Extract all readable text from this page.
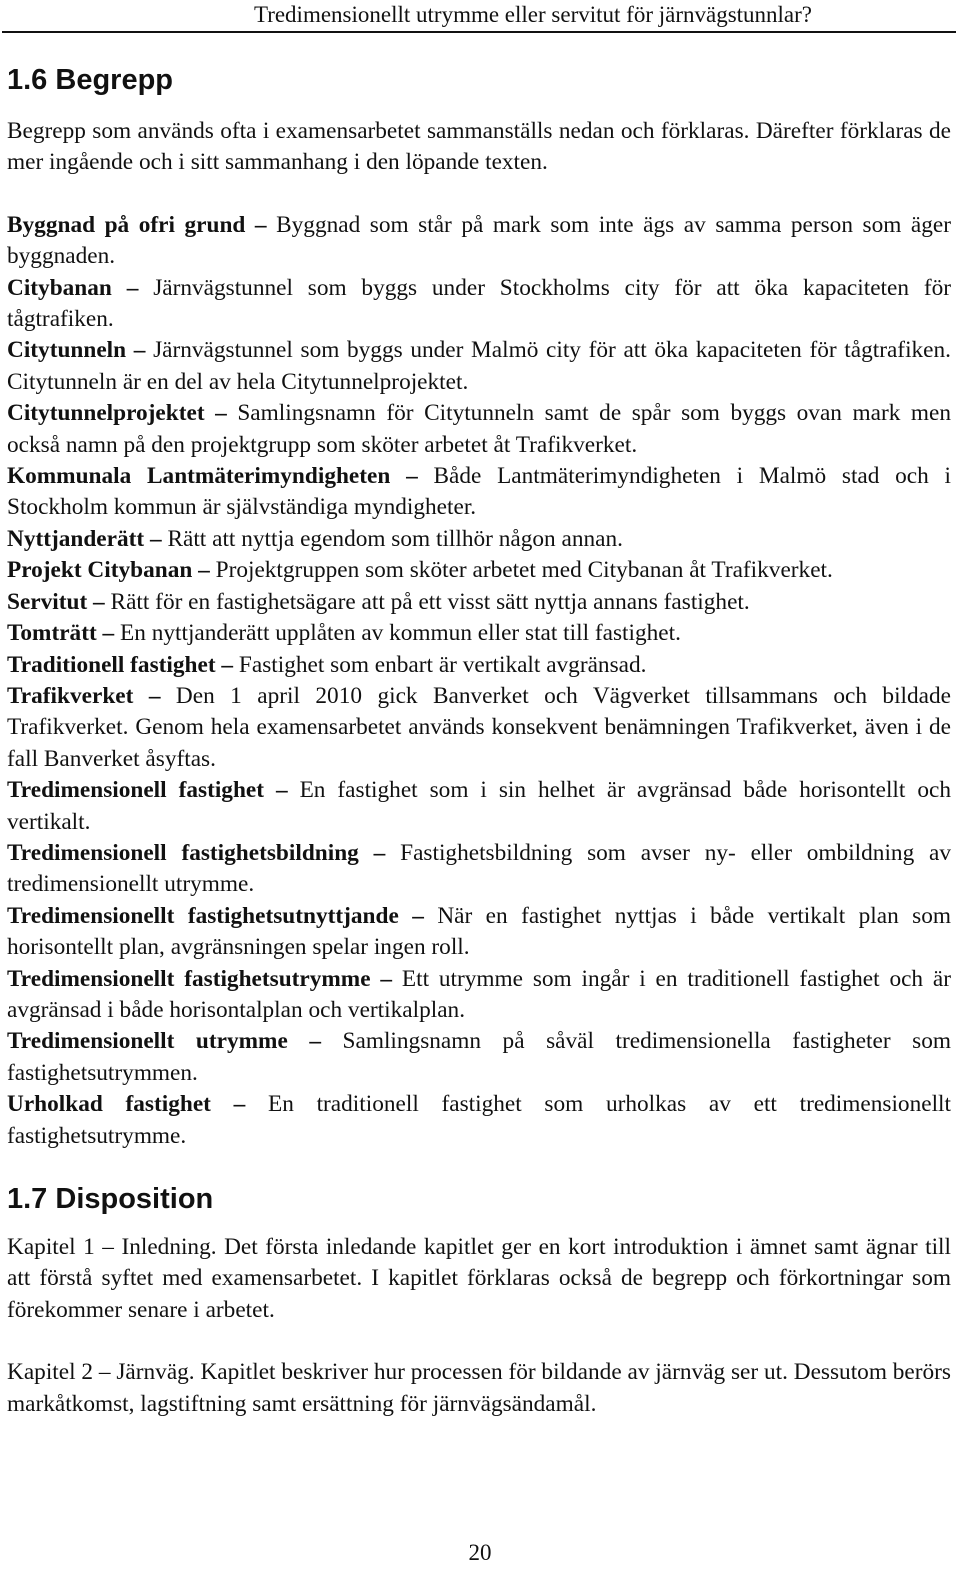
Tredimensionellt utrymme eller servitut för järnvägstunnlar?
1.6 Begrepp

Begrepp som används ofta i examensarbetet sammanställs nedan och förklaras. Därefter förklaras de mer ingående och i sitt sammanhang i den löpande texten.

Byggnad på ofri grund – Byggnad som står på mark som inte ägs av samma person som äger byggnaden.

Citybanan – Järnvägstunnel som byggs under Stockholms city för att öka kapaciteten för tågtrafiken.

Citytunneln – Järnvägstunnel som byggs under Malmö city för att öka kapaciteten för tågtrafiken. Citytunneln är en del av hela Citytunnelprojektet.

Citytunnelprojektet – Samlingsnamn för Citytunneln samt de spår som byggs ovan mark men också namn på den projektgrupp som sköter arbetet åt Trafikverket.

Kommunala Lantmäterimyndigheten – Både Lantmäterimyndigheten i Malmö stad och i Stockholm kommun är självständiga myndigheter.

Nyttjanderätt – Rätt att nyttja egendom som tillhör någon annan.

Projekt Citybanan – Projektgruppen som sköter arbetet med Citybanan åt Trafikverket.

Servitut – Rätt för en fastighetsägare att på ett visst sätt nyttja annans fastighet.

Tomträtt – En nyttjanderätt upplåten av kommun eller stat till fastighet.

Traditionell fastighet – Fastighet som enbart är vertikalt avgränsad.

Trafikverket – Den 1 april 2010 gick Banverket och Vägverket tillsammans och bildade Trafikverket. Genom hela examensarbetet används konsekvent benämningen Trafikverket, även i de fall Banverket åsyftas.

Tredimensionell fastighet – En fastighet som i sin helhet är avgränsad både horisontellt och vertikalt.

Tredimensionell fastighetsbildning – Fastighetsbildning som avser ny- eller ombildning av tredimensionellt utrymme.

Tredimensionellt fastighetsutnyttjande – När en fastighet nyttjas i både vertikalt plan som horisontellt plan, avgränsningen spelar ingen roll.

Tredimensionellt fastighetsutrymme – Ett utrymme som ingår i en traditionell fastighet och är avgränsad i både horisontalplan och vertikalplan.

Tredimensionellt utrymme – Samlingsnamn på såväl tredimensionella fastigheter som fastighetsutrymmen.

Urholkad fastighet – En traditionell fastighet som urholkas av ett tredimensionellt fastighetsutrymme.

1.7 Disposition

Kapitel 1 – Inledning. Det första inledande kapitlet ger en kort introduktion i ämnet samt ägnar till att förstå syftet med examensarbetet. I kapitlet förklaras också de begrepp och förkortningar som förekommer senare i arbetet.

Kapitel 2 – Järnväg. Kapitlet beskriver hur processen för bildande av järnväg ser ut. Dessutom berörs markåtkomst, lagstiftning samt ersättning för järnvägsändamål.

20
